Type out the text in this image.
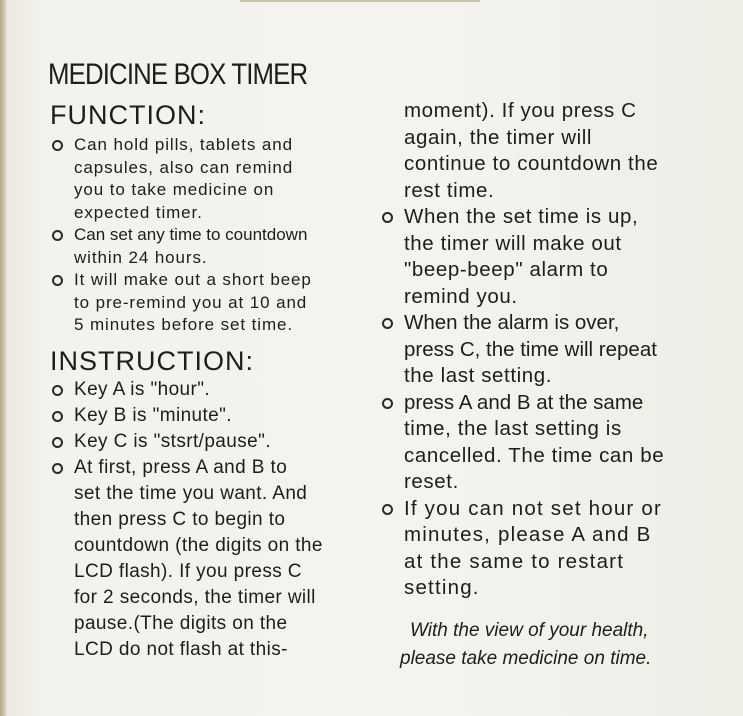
MEDICINE BOX TIMER
FUNCTION:
Can hold pills, tablets and
capsules, also can remind
you to take medicine on
expected timer.
Can set any time to countdown
within 24 hours.
It will make out a short beep
to pre-remind you at 10 and
5 minutes before set time.
INSTRUCTION:
Key A is "hour".
Key B is "minute".
Key C is "stsrt/pause".
At first, press A and B to
set the time you want. And
then press C to begin to
countdown (the digits on the
LCD flash). If you press C
for 2 seconds, the timer will
pause.(The digits on the
LCD do not flash at this-
moment). If you press C
again, the timer will
continue to countdown the
rest time.
When the set time is up,
the timer will make out
"beep-beep" alarm to
remind you.
When the alarm is over,
press C, the time will repeat
the last setting.
press A and B at the same
time, the last setting is
cancelled. The time can be
reset.
If you can not set hour or
minutes, please A and B
at the same to restart
setting.
With the view of your health,
please take medicine on time.
